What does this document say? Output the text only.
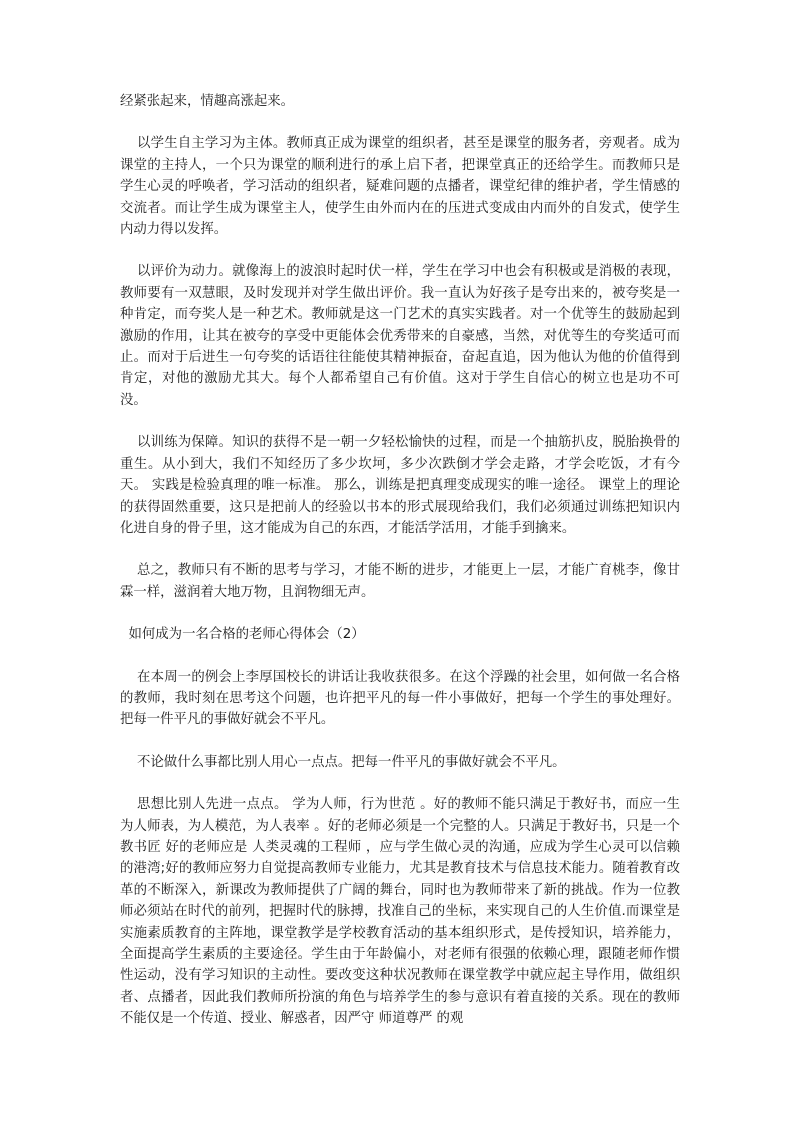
经紧张起来，情趣高涨起来。

以学生自主学习为主体。教师真正成为课堂的组织者，甚至是课堂的服务者，旁观者。成为课堂的主持人，一个只为课堂的顺利进行的承上启下者，把课堂真正的还给学生。而教师只是学生心灵的呼唤者，学习活动的组织者，疑难问题的点播者，课堂纪律的维护者，学生情感的交流者。而让学生成为课堂主人，使学生由外而内在的压进式变成由内而外的自发式，使学生内动力得以发挥。

以评价为动力。就像海上的波浪时起时伏一样，学生在学习中也会有积极或是消极的表现，教师要有一双慧眼，及时发现并对学生做出评价。我一直认为好孩子是夸出来的，被夸奖是一种肯定，而夸奖人是一种艺术。教师就是这一门艺术的真实实践者。对一个优等生的鼓励起到激励的作用，让其在被夸的享受中更能体会优秀带来的自豪感，当然，对优等生的夸奖适可而止。而对于后进生一句夸奖的话语往往能使其精神振奋，奋起直追，因为他认为他的价值得到肯定，对他的激励尤其大。每个人都希望自己有价值。这对于学生自信心的树立也是功不可没。

以训练为保障。知识的获得不是一朝一夕轻松愉快的过程，而是一个抽筋扒皮，脱胎换骨的重生。从小到大，我们不知经历了多少坎坷，多少次跌倒才学会走路，才学会吃饭，才有今天。 实践是检验真理的唯一标准。 那么，训练是把真理变成现实的唯一途径。 课堂上的理论的获得固然重要，这只是把前人的经验以书本的形式展现给我们，我们必须通过训练把知识内化进自身的骨子里，这才能成为自己的东西，才能活学活用，才能手到擒来。

总之，教师只有不断的思考与学习，才能不断的进步，才能更上一层，才能广育桃李，像甘霖一样，滋润着大地万物，且润物细无声。

如何成为一名合格的老师心得体会（2）

在本周一的例会上李厚国校长的讲话让我收获很多。在这个浮躁的社会里，如何做一名合格的教师，我时刻在思考这个问题，也许把平凡的每一件小事做好，把每一个学生的事处理好。把每一件平凡的事做好就会不平凡。

不论做什么事都比别人用心一点点。把每一件平凡的事做好就会不平凡。

思想比别人先进一点点。 学为人师，行为世范 。好的教师不能只满足于教好书，而应一生 为人师表，为人模范，为人表率 。好的老师必须是一个完整的人。只满足于教好书，只是一个 教书匠 好的老师应是 人类灵魂的工程师 ，应与学生做心灵的沟通，应成为学生心灵可以信赖的港湾;好的教师应努力自觉提高教师专业能力，尤其是教育技术与信息技术能力。随着教育改革的不断深入，新课改为教师提供了广阔的舞台，同时也为教师带来了新的挑战。作为一位教师必须站在时代的前列，把握时代的脉搏，找准自己的坐标，来实现自己的人生价值.而课堂是实施素质教育的主阵地，课堂教学是学校教育活动的基本组织形式，是传授知识，培养能力，全面提高学生素质的主要途径。学生由于年龄偏小，对老师有很强的依赖心理，跟随老师作惯性运动，没有学习知识的主动性。要改变这种状况教师在课堂教学中就应起主导作用，做组织者、点播者，因此我们教师所扮演的角色与培养学生的参与意识有着直接的关系。现在的教师不能仅是一个传道、授业、解惑者，因严守 师道尊严 的观
